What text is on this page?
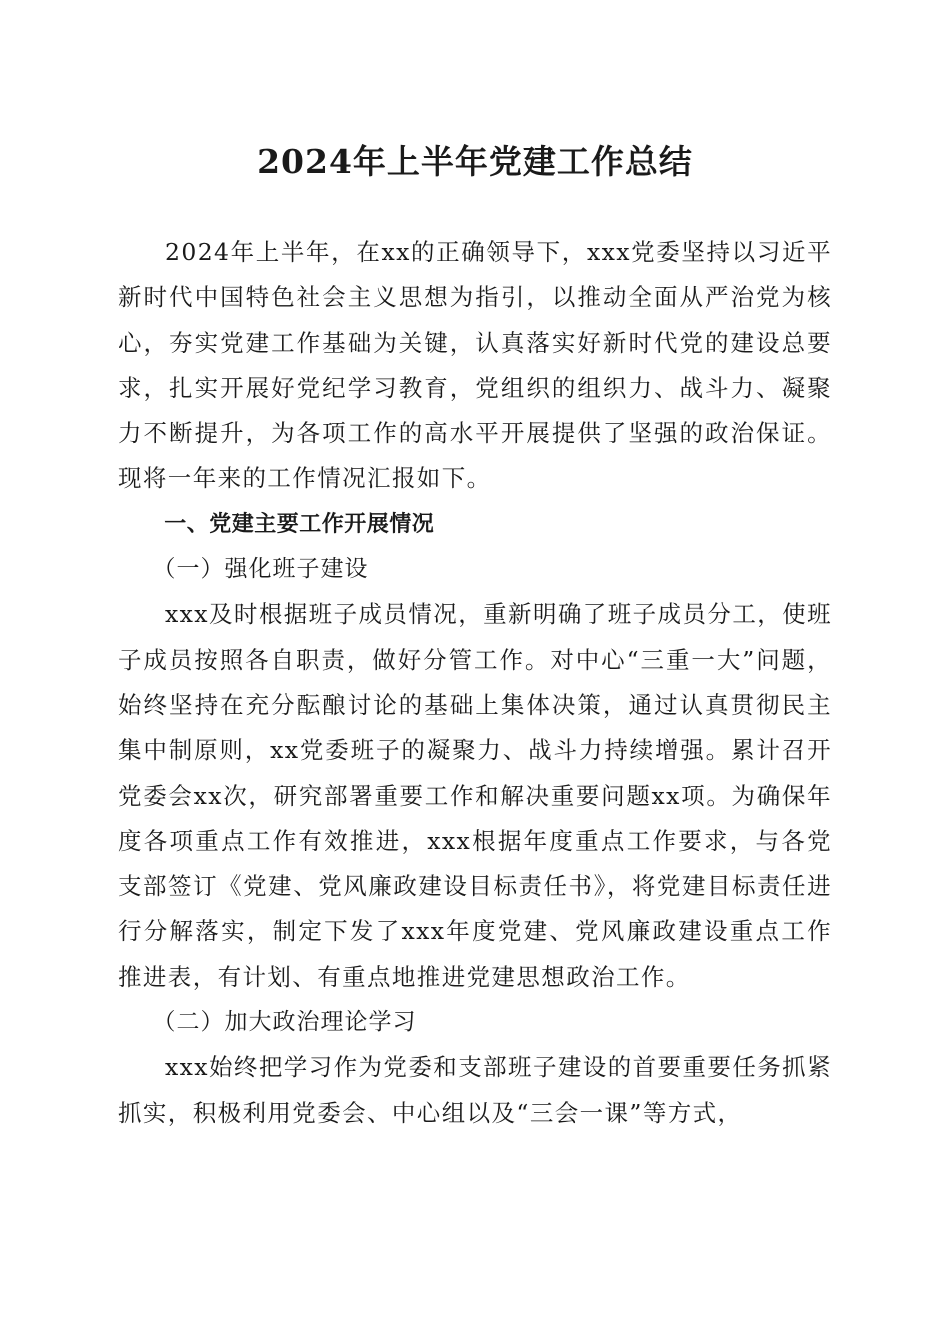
2024年上半年党建工作总结

2024年上半年，在xx的正确领导下，xxx党委坚持以习近平新时代中国特色社会主义思想为指引，以推动全面从严治党为核心，夯实党建工作基础为关键，认真落实好新时代党的建设总要求，扎实开展好党纪学习教育，党组织的组织力、战斗力、凝聚力不断提升，为各项工作的高水平开展提供了坚强的政治保证。现将一年来的工作情况汇报如下。

一、党建主要工作开展情况

（一）强化班子建设

xxx及时根据班子成员情况，重新明确了班子成员分工，使班子成员按照各自职责，做好分管工作。对中心“三重一大”问题，始终坚持在充分酝酿讨论的基础上集体决策，通过认真贯彻民主集中制原则，xx党委班子的凝聚力、战斗力持续增强。累计召开党委会xx次，研究部署重要工作和解决重要问题xx项。为确保年度各项重点工作有效推进，xxx根据年度重点工作要求，与各党支部签订《党建、党风廉政建设目标责任书》，将党建目标责任进行分解落实，制定下发了xxx年度党建、党风廉政建设重点工作推进表，有计划、有重点地推进党建思想政治工作。

（二）加大政治理论学习

xxx始终把学习作为党委和支部班子建设的首要重要任务抓紧抓实，积极利用党委会、中心组以及“三会一课”等方式，
